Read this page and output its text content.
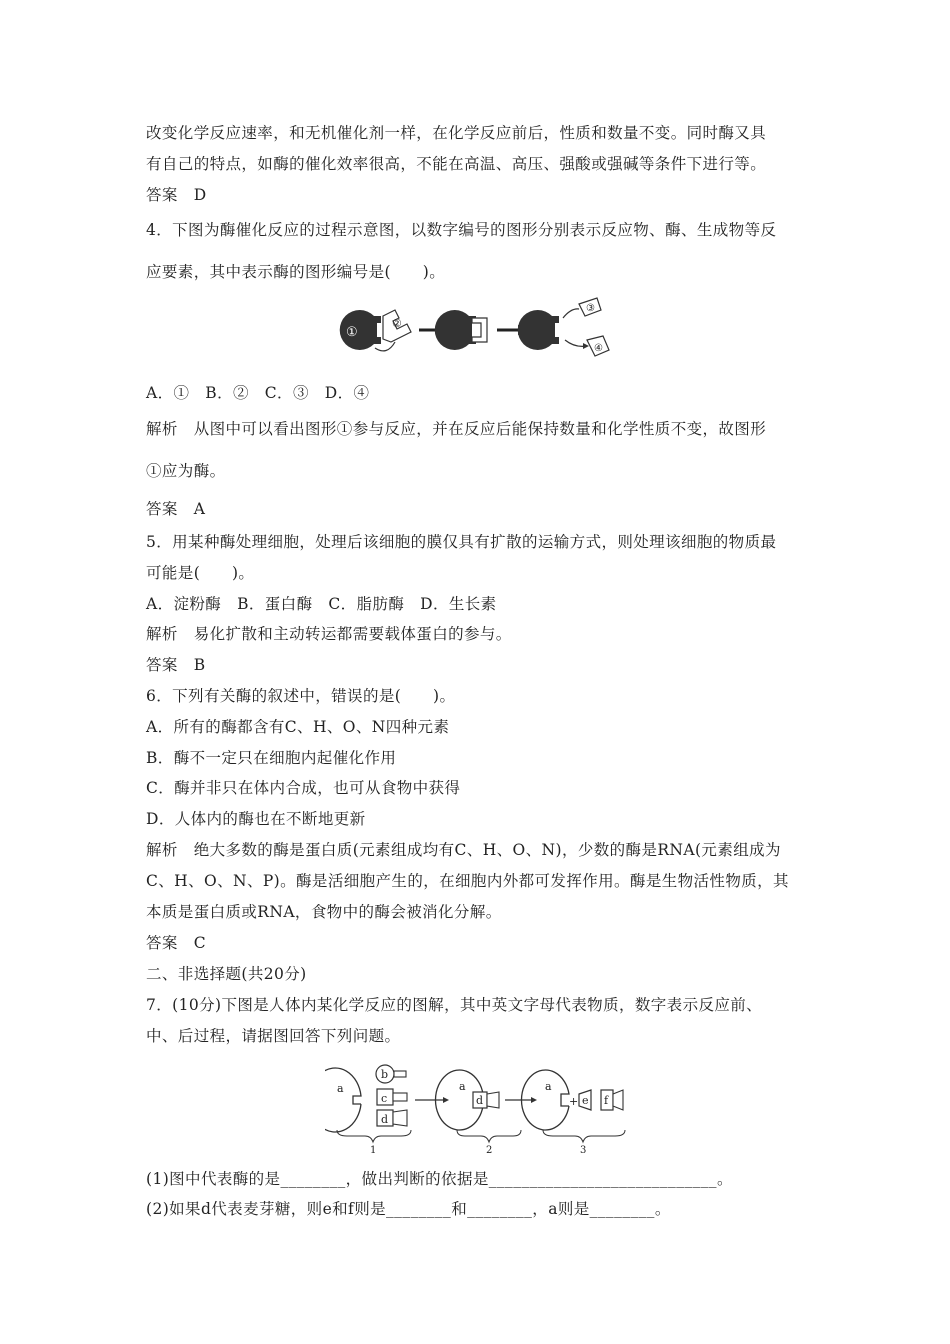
改变化学反应速率，和无机催化剂一样，在化学反应前后，性质和数量不变。同时酶又具
有自己的特点，如酶的催化效率很高，不能在高温、高压、强酸或强碱等条件下进行等。
答案　D
4．下图为酶催化反应的过程示意图，以数字编号的图形分别表示反应物、酶、生成物等反
应要素，其中表示酶的图形编号是(　　)。
①
②
③
④
A．①　B．②　C．③　D．④
解析　从图中可以看出图形①参与反应，并在反应后能保持数量和化学性质不变，故图形
①应为酶。
答案　A
5．用某种酶处理细胞，处理后该细胞的膜仅具有扩散的运输方式，则处理该细胞的物质最
可能是(　　)。
A．淀粉酶　B．蛋白酶　C．脂肪酶　D．生长素
解析　易化扩散和主动转运都需要载体蛋白的参与。
答案　B
6．下列有关酶的叙述中，错误的是(　　)。
A．所有的酶都含有C、H、O、N四种元素
B．酶不一定只在细胞内起催化作用
C．酶并非只在体内合成，也可从食物中获得
D．人体内的酶也在不断地更新
解析　绝大多数的酶是蛋白质(元素组成均有C、H、O、N)，少数的酶是RNA(元素组成为
C、H、O、N、P)。酶是活细胞产生的，在细胞内外都可发挥作用。酶是生物活性物质，其
本质是蛋白质或RNA，食物中的酶会被消化分解。
答案　C
二、非选择题(共20分)
7．(10分)下图是人体内某化学反应的图解，其中英文字母代表物质，数字表示反应前、
中、后过程，请据图回答下列问题。
a
b
c
d
a
d
a
+ e f
1	2	3
(1)图中代表酶的是________，做出判断的依据是____________________________。
(2)如果d代表麦芽糖，则e和f则是________和________，a则是________。
